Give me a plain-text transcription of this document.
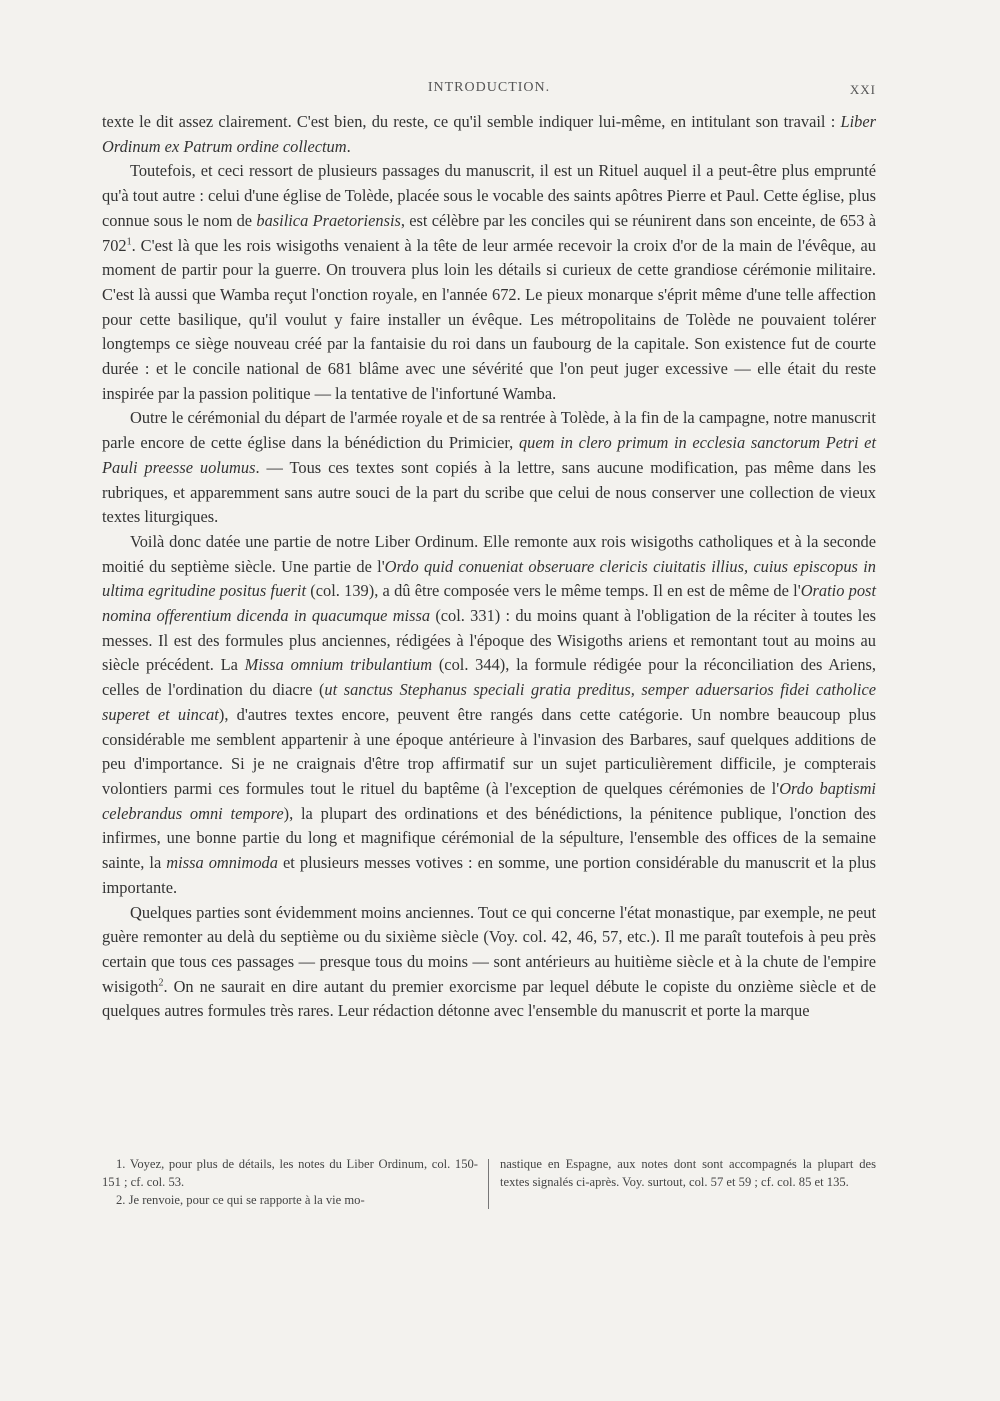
INTRODUCTION.	XXI

texte le dit assez clairement. C'est bien, du reste, ce qu'il semble indiquer lui-même, en intitulant son travail : Liber Ordinum ex Patrum ordine collectum.

Toutefois, et ceci ressort de plusieurs passages du manuscrit, il est un Rituel auquel il a peut-être plus emprunté qu'à tout autre : celui d'une église de Tolède, placée sous le vocable des saints apôtres Pierre et Paul. Cette église, plus connue sous le nom de basilica Praetoriensis, est célèbre par les conciles qui se réunirent dans son enceinte, de 653 à $702^1$. C'est là que les rois wisigoths venaient à la tête de leur armée recevoir la croix d'or de la main de l'évêque, au moment de partir pour la guerre. On trouvera plus loin les détails si curieux de cette grandiose cérémonie militaire. C'est là aussi que Wamba reçut l'onction royale, en l'année 672. Le pieux monarque s'éprit même d'une telle affection pour cette basilique, qu'il voulut y faire installer un évêque. Les métropolitains de Tolède ne pouvaient tolérer longtemps ce siège nouveau créé par la fantaisie du roi dans un faubourg de la capitale. Son existence fut de courte durée : et le concile national de 681 blâme avec une sévérité que l'on peut juger excessive — elle était du reste inspirée par la passion politique — la tentative de l'infortuné Wamba.

Outre le cérémonial du départ de l'armée royale et de sa rentrée à Tolède, à la fin de la campagne, notre manuscrit parle encore de cette église dans la bénédiction du Primicier, quem in clero primum in ecclesia sanctorum Petri et Pauli preesse uolumus. — Tous ces textes sont copiés à la lettre, sans aucune modification, pas même dans les rubriques, et apparemment sans autre souci de la part du scribe que celui de nous conserver une collection de vieux textes liturgiques.

Voilà donc datée une partie de notre Liber Ordinum. Elle remonte aux rois wisigoths catholiques et à la seconde moitié du septième siècle. Une partie de l'Ordo quid conueniat obseruare clericis ciuitatis illius, cuius episcopus in ultima egritudine positus fuerit (col. 139), a dû être composée vers le même temps. Il en est de même de l'Oratio post nomina offerentium dicenda in quacumque missa (col. 331) : du moins quant à l'obligation de la réciter à toutes les messes. Il est des formules plus anciennes, rédigées à l'époque des Wisigoths ariens et remontant tout au moins au siècle précédent. La Missa omnium tribulantium (col. 344), la formule rédigée pour la réconciliation des Ariens, celles de l'ordination du diacre (ut sanctus Stephanus speciali gratia preditus, semper aduersarios fidei catholice superet et uincat), d'autres textes encore, peuvent être rangés dans cette catégorie. Un nombre beaucoup plus considérable me semblent appartenir à une époque antérieure à l'invasion des Barbares, sauf quelques additions de peu d'importance. Si je ne craignais d'être trop affirmatif sur un sujet particulièrement difficile, je compterais volontiers parmi ces formules tout le rituel du baptême (à l'exception de quelques cérémonies de l'Ordo baptismi celebrandus omni tempore), la plupart des ordinations et des bénédictions, la pénitence publique, l'onction des infirmes, une bonne partie du long et magnifique cérémonial de la sépulture, l'ensemble des offices de la semaine sainte, la missa omnimoda et plusieurs messes votives : en somme, une portion considérable du manuscrit et la plus importante.

Quelques parties sont évidemment moins anciennes. Tout ce qui concerne l'état monastique, par exemple, ne peut guère remonter au delà du septième ou du sixième siècle (Voy. col. 42, 46, 57, etc.). Il me paraît toutefois à peu près certain que tous ces passages — presque tous du moins — sont antérieurs au huitième siècle et à la chute de l'empire wisigoth$^2$. On ne saurait en dire autant du premier exorcisme par lequel débute le copiste du onzième siècle et de quelques autres formules très rares. Leur rédaction détonne avec l'ensemble du manuscrit et porte la marque

1. Voyez, pour plus de détails, les notes du Liber Ordinum, col. 150-151 ; cf. col. 53.

2. Je renvoie, pour ce qui se rapporte à la vie mo-

nastique en Espagne, aux notes dont sont accompagnés la plupart des textes signalés ci-après. Voy. surtout, col. 57 et 59 ; cf. col. 85 et 135.
